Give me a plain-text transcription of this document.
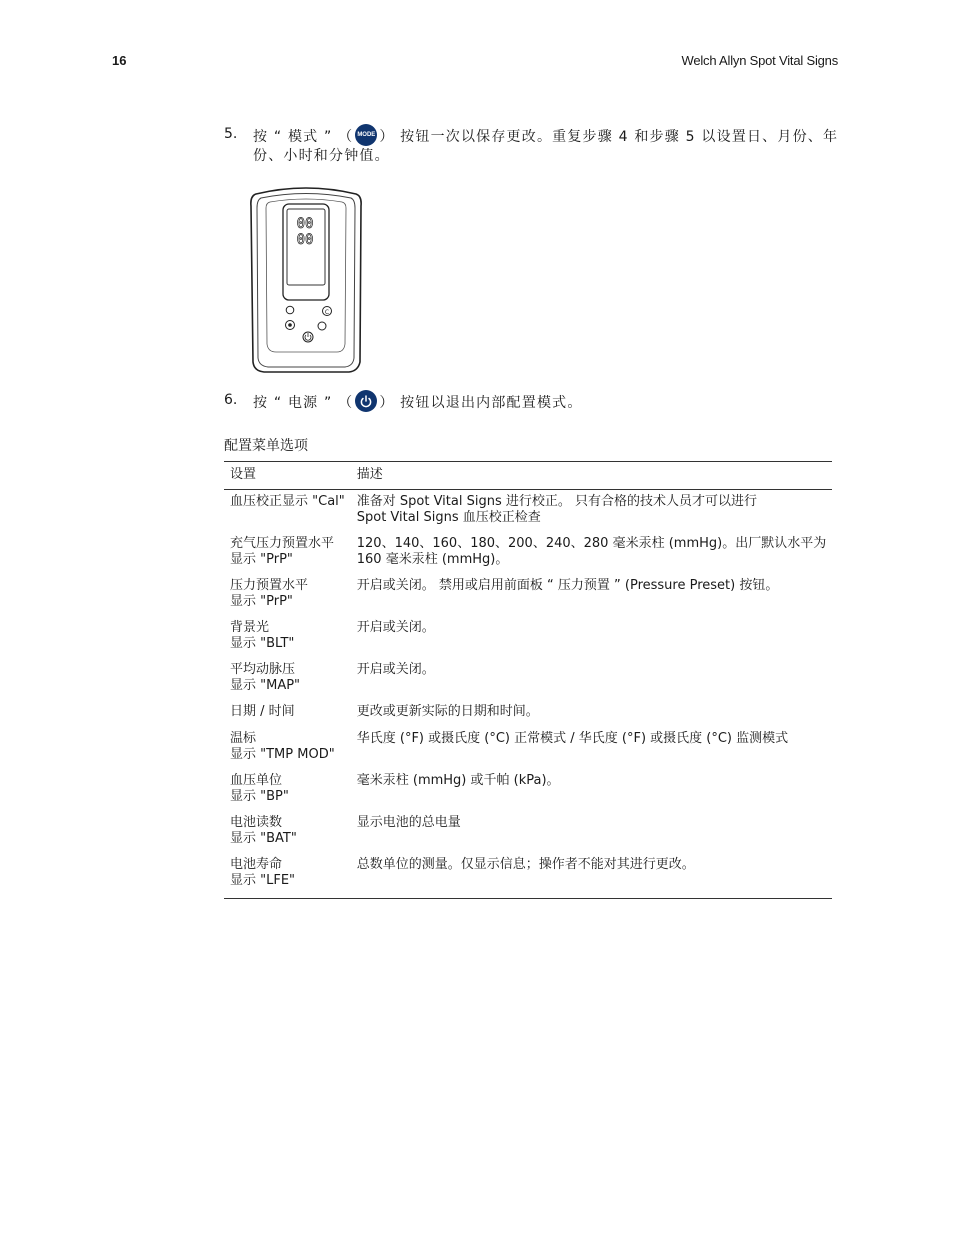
16	Welch Allyn Spot Vital Signs
5. 按 “ 模式 ” （ MODE ） 按钮一次以保存更改。重复步骤 4 和步骤 5 以设置日、月份、年份、小时和分钟值。
00
00
C
6. 按 “ 电源 ” （ ） 按钮以退出内部配置模式。
配置菜单选项
设置	描述

血压校正显示 "Cal"	准备对 Spot Vital Signs 进行校正。 只有合格的技术人员才可以进行
Spot Vital Signs 血压校正检查

充气压力预置水平
显示 "PrP"	120、140、160、180、200、240、280 毫米汞柱 (mmHg)。出厂默认水平为
160 毫米汞柱 (mmHg)。

压力预置水平
显示 "PrP"	开启或关闭。 禁用或启用前面板 “ 压力预置 ” (Pressure Preset) 按钮。

背景光
显示 "BLT"	开启或关闭。

平均动脉压
显示 "MAP"	开启或关闭。

日期 / 时间	更改或更新实际的日期和时间。

温标
显示 "TMP MOD"	华氏度 (°F) 或摄氏度 (°C) 正常模式 / 华氏度 (°F) 或摄氏度 (°C) 监测模式

血压单位
显示 "BP"	毫米汞柱 (mmHg) 或千帕 (kPa)。

电池读数
显示 "BAT"	显示电池的总电量

电池寿命
显示 "LFE"	总数单位的测量。仅显示信息；操作者不能对其进行更改。
